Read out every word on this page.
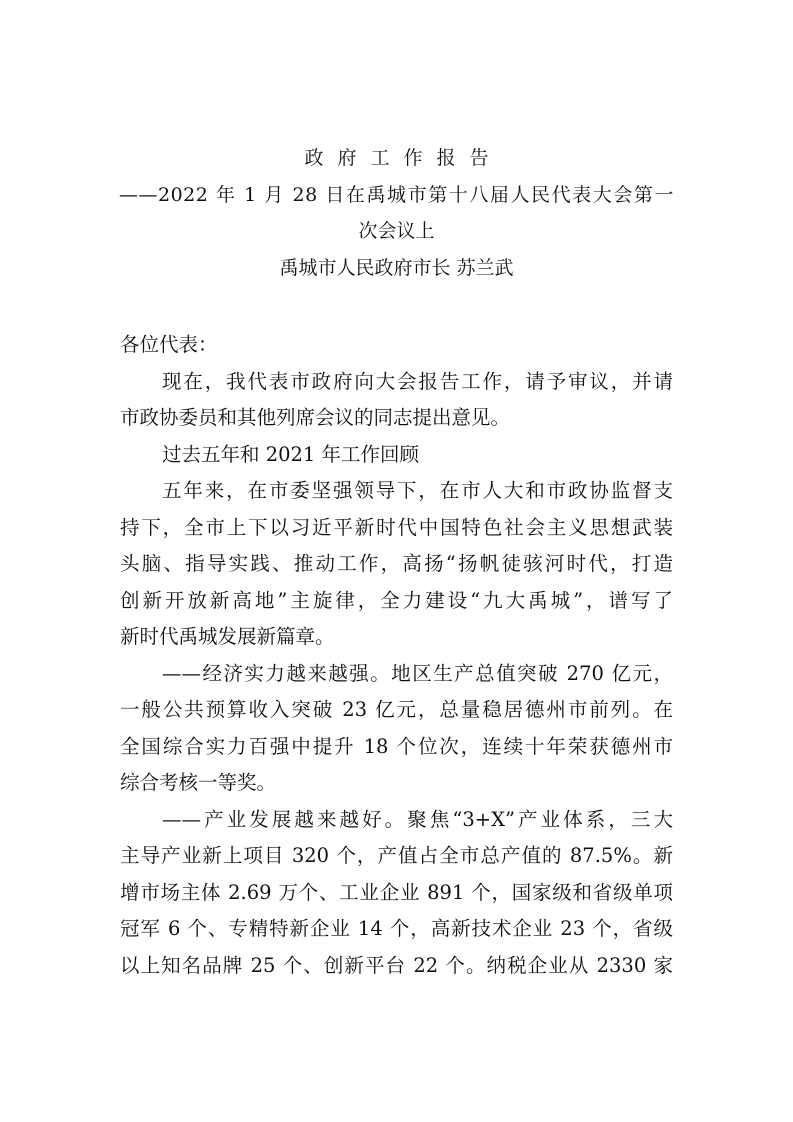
政府工作报告
——2022 年 1 月 28 日在禹城市第十八届人民代表大会第一
次会议上
禹城市人民政府市长 苏兰武

各位代表：

现在，我代表市政府向大会报告工作，请予审议，并请
市政协委员和其他列席会议的同志提出意见。

过去五年和 2021 年工作回顾

五年来，在市委坚强领导下，在市人大和市政协监督支
持下，全市上下以习近平新时代中国特色社会主义思想武装
头脑、指导实践、推动工作，高扬“扬帆徒骇河时代，打造
创新开放新高地”主旋律，全力建设“九大禹城”，谱写了
新时代禹城发展新篇章。

——经济实力越来越强。地区生产总值突破 270 亿元，
一般公共预算收入突破 23 亿元，总量稳居德州市前列。在
全国综合实力百强中提升 18 个位次，连续十年荣获德州市
综合考核一等奖。

——产业发展越来越好。聚焦“3+X”产业体系，三大
主导产业新上项目 320 个，产值占全市总产值的 87.5%。新
增市场主体 2.69 万个、工业企业 891 个，国家级和省级单项
冠军 6 个、专精特新企业 14 个，高新技术企业 23 个，省级
以上知名品牌 25 个、创新平台 22 个。纳税企业从 2330 家
